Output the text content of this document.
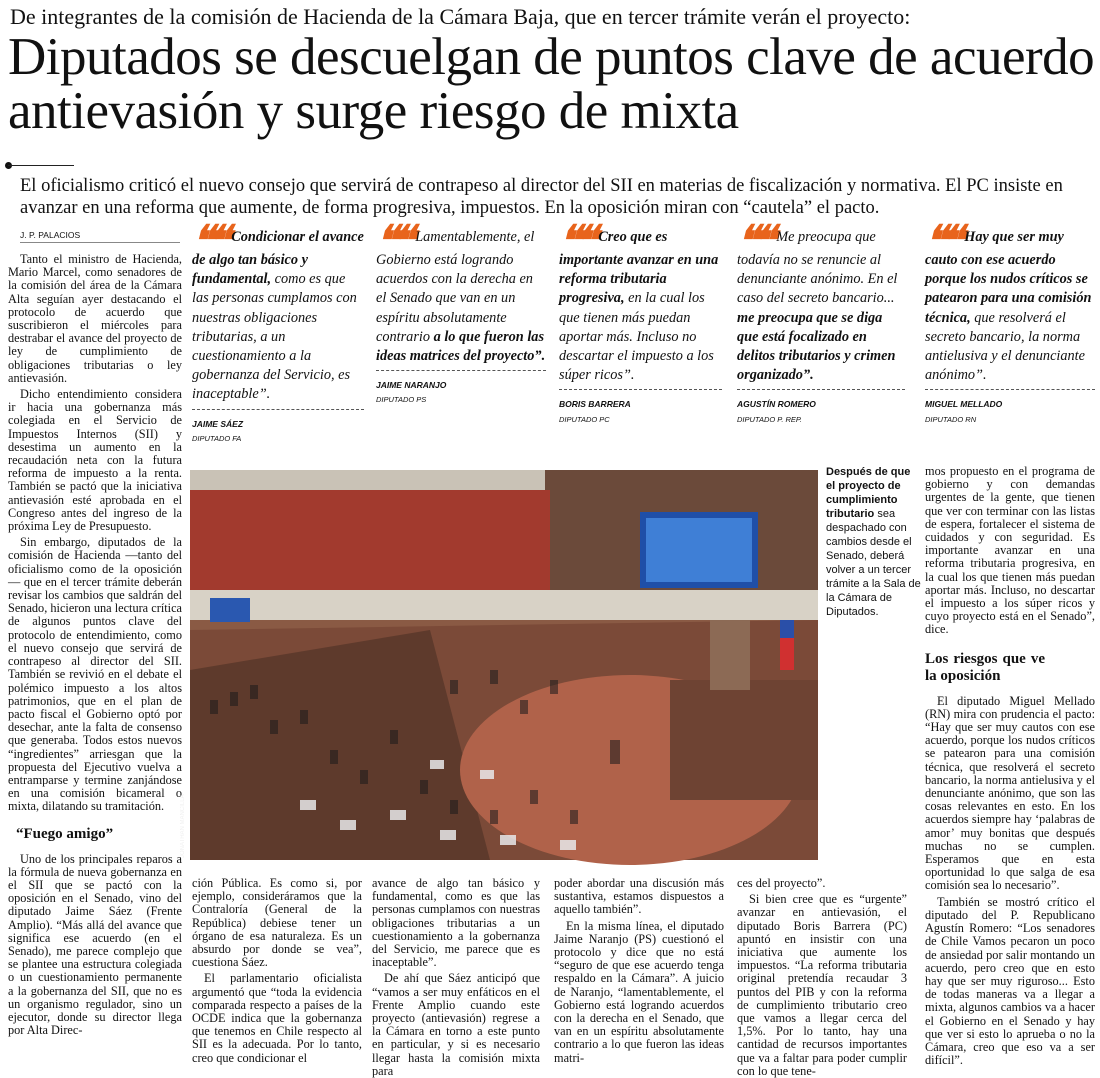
De integrantes de la comisión de Hacienda de la Cámara Baja, que en tercer trámite verán el proyecto:
Diputados se descuelgan de puntos clave de acuerdo antievasión y surge riesgo de mixta
El oficialismo criticó el nuevo consejo que servirá de contrapeso al director del SII en materias de fiscalización y normativa. El PC insiste en avanzar en una reforma que aumente, de forma progresiva, impuestos. En la oposición miran con “cautela” el pacto.
J. P. PALACIOS	❝❝ Condicionar el avance de algo tan básico y fundamental, como es que las personas cumplamos con nuestras obligaciones tributarias, a un cuestionamiento a la gobernanza del Servicio, es inaceptable”.
JAIME SÁEZ
DIPUTADO FA
❝❝ Lamentablemente, el Gobierno está logrando acuerdos con la derecha en el Senado que van en un espíritu absolutamente contrario a lo que fueron las ideas matrices del proyecto”.
JAIME NARANJO
DIPUTADO PS
❝❝ Creo que es importante avanzar en una reforma tributaria progresiva, en la cual los que tienen más puedan aportar más. Incluso no descartar el impuesto a los súper ricos”.
BORIS BARRERA
DIPUTADO PC
❝❝ Me preocupa que todavía no se renuncie al denunciante anónimo. En el caso del secreto bancario... me preocupa que se diga que está focalizado en delitos tributarios y crimen organizado”.
AGUSTÍN ROMERO
DIPUTADO P. REP.
❝❝ Hay que ser muy cauto con ese acuerdo porque los nudos críticos se patearon para una comisión técnica, que resolverá el secreto bancario, la norma antielusiva y el denunciante anónimo”.
MIGUEL MELLADO
DIPUTADO RN

Tanto el ministro de Hacienda, Mario Marcel, como senadores de la comisión del área de la Cámara Alta seguían ayer destacando el protocolo de acuerdo que suscribieron el miércoles para destrabar el avance del proyecto de ley de cumplimiento de obligaciones tributarias o ley antievasión.

Dicho entendimiento considera ir hacia una gobernanza más colegiada en el Servicio de Impuestos Internos (SII) y desestima un aumento en la recaudación neta con la futura reforma de impuesto a la renta. También se pactó que la iniciativa antievasión esté aprobada en el Congreso antes del ingreso de la próxima Ley de Presupuesto.

Sin embargo, diputados de la comisión de Hacienda —tanto del oficialismo como de la oposición— que en el tercer trámite deberán revisar los cambios que saldrán del Senado, hicieron una lectura crítica de algunos puntos clave del protocolo de entendimiento, como el nuevo consejo que servirá de contrapeso al director del SII. También se revivió en el debate el polémico impuesto a los altos patrimonios, que en el plan de pacto fiscal el Gobierno optó por desechar, ante la falta de consenso que generaba. Todos estos nuevos “ingredientes” arriesgan que la propuesta del Ejecutivo vuelva a entramparse y termine zanjándose en una comisión bicameral o mixta, dilatando su tramitación.

“Fuego amigo”

Uno de los principales reparos a la fórmula de nueva gobernanza en el SII que se pactó con la oposición en el Senado, vino del diputado Jaime Sáez (Frente Amplio). “Más allá del avance que significa ese acuerdo (en el Senado), me parece complejo que se plantee una estructura colegiada o un cuestionamiento permanente a la gobernanza del SII, que no es un organismo regulador, sino un ejecutor, donde su director llega por Alta Direc-

JONATHAN MANCILLA
Después de que el proyecto de cumplimiento tributario sea despachado con cambios desde el Senado, deberá volver a un tercer trámite a la Sala de la Cámara de Diputados.

ción Pública. Es como si, por ejemplo, consideráramos que la Contraloría (General de la República) debiese tener un órgano de esa naturaleza. Es un absurdo por donde se vea”, cuestiona Sáez.

El parlamentario oficialista argumentó que “toda la evidencia comparada respecto a países de la OCDE indica que la gobernanza que tenemos en Chile respecto al SII es la adecuada. Por lo tanto, creo que condicionar el

avance de algo tan básico y fundamental, como es que las personas cumplamos con nuestras obligaciones tributarias a un cuestionamiento a la gobernanza del Servicio, me parece que es inaceptable”.

De ahí que Sáez anticipó que “vamos a ser muy enfáticos en el Frente Amplio cuando este proyecto (antievasión) regrese a la Cámara en torno a este punto en particular, y si es necesario llegar hasta la comisión mixta para

poder abordar una discusión más sustantiva, estamos dispuestos a aquello también”.

En la misma línea, el diputado Jaime Naranjo (PS) cuestionó el protocolo y dice que no está “seguro de que ese acuerdo tenga respaldo en la Cámara”. A juicio de Naranjo, “lamentablemente, el Gobierno está logrando acuerdos con la derecha en el Senado, que van en un espíritu absolutamente contrario a lo que fueron las ideas matri-

ces del proyecto”.

Si bien cree que es “urgente” avanzar en antievasión, el diputado Boris Barrera (PC) apuntó en insistir con una iniciativa que aumente los impuestos. “La reforma tributaria original pretendía recaudar 3 puntos del PIB y con la reforma de cumplimiento tributario creo que vamos a llegar cerca del 1,5%. Por lo tanto, hay una cantidad de recursos importantes que va a faltar para poder cumplir con lo que tene-

mos propuesto en el programa de gobierno y con demandas urgentes de la gente, que tienen que ver con terminar con las listas de espera, fortalecer el sistema de cuidados y con seguridad. Es importante avanzar en una reforma tributaria progresiva, en la cual los que tienen más puedan aportar más. Incluso, no descartar el impuesto a los súper ricos y cuyo proyecto está en el Senado”, dice.

Los riesgos que ve la oposición

El diputado Miguel Mellado (RN) mira con prudencia el pacto: “Hay que ser muy cautos con ese acuerdo, porque los nudos críticos se patearon para una comisión técnica, que resolverá el secreto bancario, la norma antielusiva y el denunciante anónimo, que son las cosas relevantes en esto. En los acuerdos siempre hay ‘palabras de amor’ muy bonitas que después muchas no se cumplen. Esperamos que en esta oportunidad lo que salga de esa comisión sea lo necesario”.

También se mostró crítico el diputado del P. Republicano Agustín Romero: “Los senadores de Chile Vamos pecaron un poco de ansiedad por salir montando un acuerdo, pero creo que en esto hay que ser muy riguroso... Esto de todas maneras va a llegar a mixta, algunos cambios va a hacer el Gobierno en el Senado y hay que ver si esto lo aprueba o no la Cámara, creo que eso va a ser difícil”.
